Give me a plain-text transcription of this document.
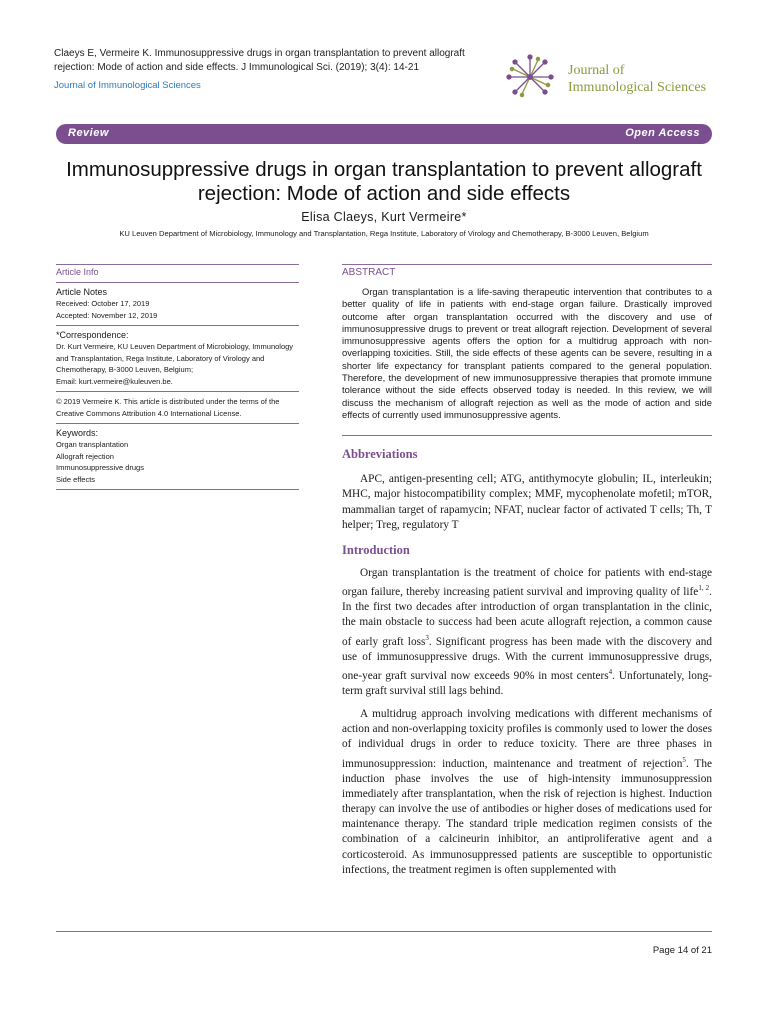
Claeys E, Vermeire K. Immunosuppressive drugs in organ transplantation to prevent allograft rejection: Mode of action and side effects. J Immunological Sci. (2019); 3(4): 14-21
Journal of Immunological Sciences
Journal of
Immunological Sciences
Review	Open Access
Immunosuppressive drugs in organ transplantation to prevent allograft rejection: Mode of action and side effects
Elisa Claeys, Kurt Vermeire*
KU Leuven Department of Microbiology, Immunology and Transplantation, Rega Institute, Laboratory of Virology and Chemotherapy, B-3000 Leuven, Belgium
Article Info
Article Notes
Received: October 17, 2019
Accepted: November 12, 2019
*Correspondence:
Dr. Kurt Vermeire, KU Leuven Department of Microbiology, Immunology and Transplantation, Rega Institute, Laboratory of Virology and Chemotherapy, B-3000 Leuven, Belgium;
Email: kurt.vermeire@kuleuven.be.
© 2019 Vermeire K. This article is distributed under the terms of the Creative Commons Attribution 4.0 International License.
Keywords:
Organ transplantation
Allograft rejection
Immunosuppressive drugs
Side effects
ABSTRACT

Organ transplantation is a life-saving therapeutic intervention that contributes to a better quality of life in patients with end-stage organ failure. Drastically improved outcome after organ transplantation occurred with the discovery and use of immunosuppressive drugs to prevent or treat allograft rejection. Development of several immunosuppressive agents offers the option for a multidrug approach with non-overlapping toxicities. Still, the side effects of these agents can be severe, resulting in a shorter life expectancy for transplant patients compared to the general population. Therefore, the development of new immunosuppressive therapies that promote immune tolerance without the side effects observed today is needed. In this review, we will discuss the mechanism of allograft rejection as well as the mode of action and side effects of currently used immunosuppressive agents.

Abbreviations

APC, antigen-presenting cell; ATG, antithymocyte globulin; IL, interleukin; MHC, major histocompatibility complex; MMF, mycophenolate mofetil; mTOR, mammalian target of rapamycin; NFAT, nuclear factor of activated T cells; Th, T helper; Treg, regulatory T

Introduction

Organ transplantation is the treatment of choice for patients with end-stage organ failure, thereby increasing patient survival and improving quality of life$^{1, 2}$. In the first two decades after introduction of organ transplantation in the clinic, the main obstacle to success had been acute allograft rejection, a common cause of early graft loss$^3$. Significant progress has been made with the discovery and use of immunosuppressive drugs. With the current immunosuppressive drugs, one-year graft survival now exceeds 90% in most centers$^4$. Unfortunately, long-term graft survival still lags behind.

A multidrug approach involving medications with different mechanisms of action and non-overlapping toxicity profiles is commonly used to lower the doses of individual drugs in order to reduce toxicity. There are three phases in immunosuppression: induction, maintenance and treatment of rejection$^5$. The induction phase involves the use of high-intensity immunosuppression immediately after transplantation, when the risk of rejection is highest. Induction therapy can involve the use of antibodies or higher doses of medications used for maintenance therapy. The standard triple medication regimen consists of the combination of a calcineurin inhibitor, an antiproliferative agent and a corticosteroid. As immunosuppressed patients are susceptible to opportunistic infections, the treatment regimen is often supplemented with

Page 14 of 21
